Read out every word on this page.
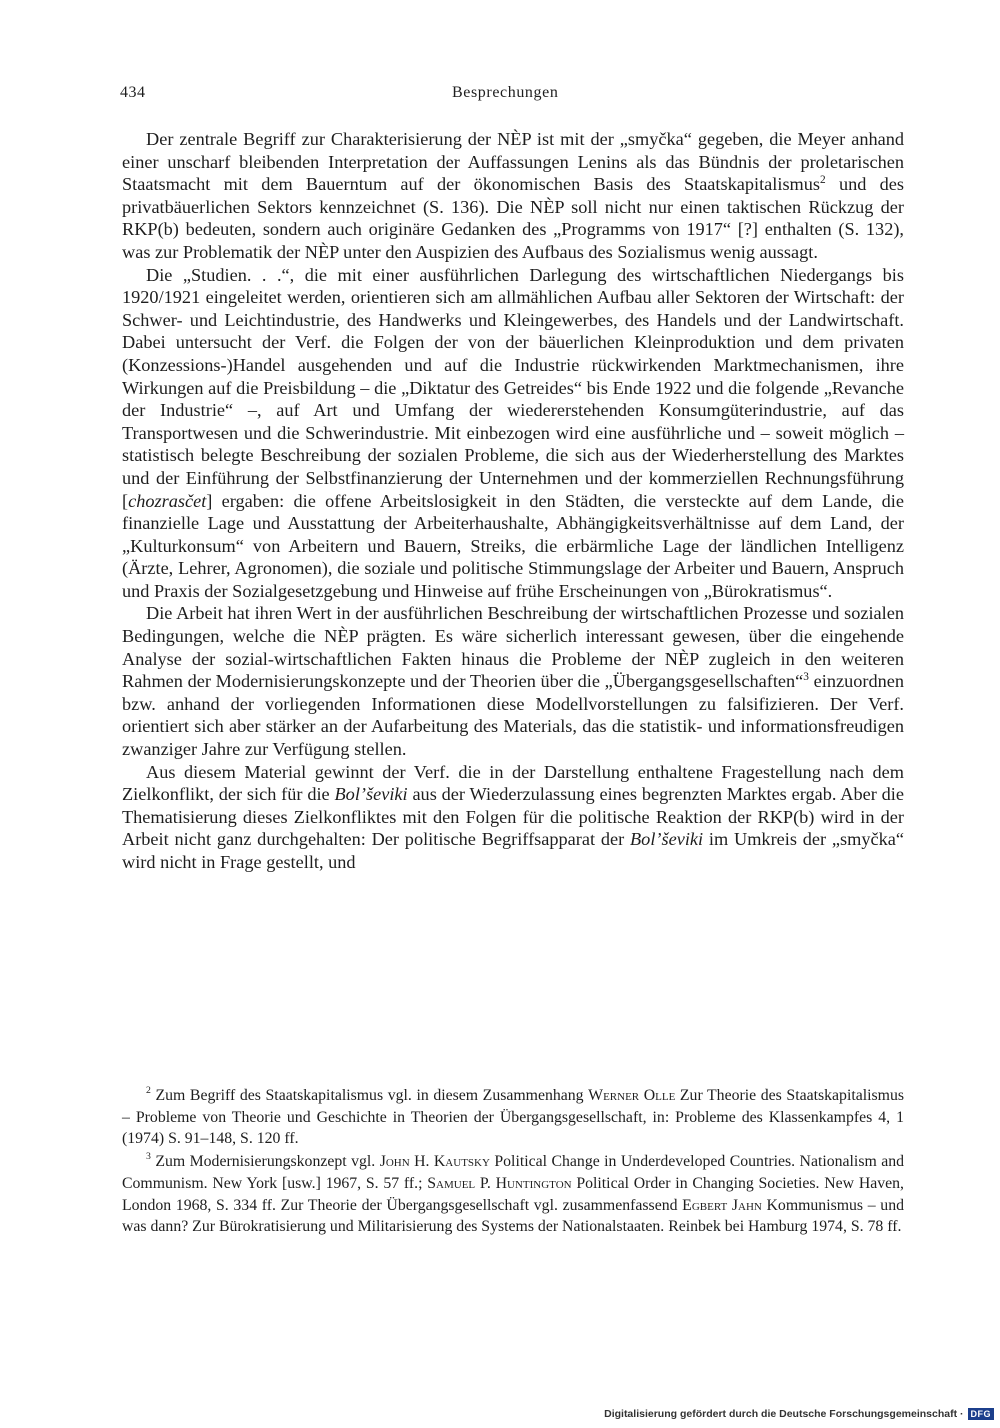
434	Besprechungen

Der zentrale Begriff zur Charakterisierung der NÈP ist mit der „smyčka“ gegeben, die Meyer anhand einer unscharf bleibenden Interpretation der Auffassungen Lenins als das Bündnis der proletarischen Staatsmacht mit dem Bauerntum auf der ökonomischen Basis des Staatskapitalismus$^2$ und des privatbäuerlichen Sektors kennzeichnet (S. 136). Die NÈP soll nicht nur einen taktischen Rückzug der RKP(b) bedeuten, sondern auch originäre Gedanken des „Programms von 1917“ [?] enthalten (S. 132), was zur Problematik der NÈP unter den Auspizien des Aufbaus des Sozialismus wenig aussagt.

Die „Studien. . .“, die mit einer ausführlichen Darlegung des wirtschaftlichen Niedergangs bis 1920/1921 eingeleitet werden, orientieren sich am allmählichen Aufbau aller Sektoren der Wirtschaft: der Schwer- und Leichtindustrie, des Handwerks und Kleingewerbes, des Handels und der Landwirtschaft. Dabei untersucht der Verf. die Folgen der von der bäuerlichen Kleinproduktion und dem privaten (Konzessions-)Handel ausgehenden und auf die Industrie rückwirkenden Marktmechanismen, ihre Wirkungen auf die Preisbildung – die „Diktatur des Getreides“ bis Ende 1922 und die folgende „Revanche der Industrie“ –, auf Art und Umfang der wiedererstehenden Konsumgüterindustrie, auf das Transportwesen und die Schwerindustrie. Mit einbezogen wird eine ausführliche und – soweit möglich – statistisch belegte Beschreibung der sozialen Probleme, die sich aus der Wiederherstellung des Marktes und der Einführung der Selbstfinanzierung der Unternehmen und der kommerziellen Rechnungsführung [chozrasčet] ergaben: die offene Arbeitslosigkeit in den Städten, die versteckte auf dem Lande, die finanzielle Lage und Ausstattung der Arbeiterhaushalte, Abhängigkeitsverhältnisse auf dem Land, der „Kulturkonsum“ von Arbeitern und Bauern, Streiks, die erbärmliche Lage der ländlichen Intelligenz (Ärzte, Lehrer, Agronomen), die soziale und politische Stimmungslage der Arbeiter und Bauern, Anspruch und Praxis der Sozialgesetzgebung und Hinweise auf frühe Erscheinungen von „Bürokratismus“.

Die Arbeit hat ihren Wert in der ausführlichen Beschreibung der wirtschaftlichen Prozesse und sozialen Bedingungen, welche die NÈP prägten. Es wäre sicherlich interessant gewesen, über die eingehende Analyse der sozial-wirtschaftlichen Fakten hinaus die Probleme der NÈP zugleich in den weiteren Rahmen der Modernisierungskonzepte und der Theorien über die „Übergangsgesellschaften“$^3$ einzuordnen bzw. anhand der vorliegenden Informationen diese Modellvorstellungen zu falsifizieren. Der Verf. orientiert sich aber stärker an der Aufarbeitung des Materials, das die statistik- und informationsfreudigen zwanziger Jahre zur Verfügung stellen.

Aus diesem Material gewinnt der Verf. die in der Darstellung enthaltene Fragestellung nach dem Zielkonflikt, der sich für die Bol’ševiki aus der Wiederzulassung eines begrenzten Marktes ergab. Aber die Thematisierung dieses Zielkonfliktes mit den Folgen für die politische Reaktion der RKP(b) wird in der Arbeit nicht ganz durchgehalten: Der politische Begriffsapparat der Bol’ševiki im Umkreis der „smyčka“ wird nicht in Frage gestellt, und

$^2$ Zum Begriff des Staatskapitalismus vgl. in diesem Zusammenhang Werner Olle Zur Theorie des Staatskapitalismus – Probleme von Theorie und Geschichte in Theorien der Übergangsgesellschaft, in: Probleme des Klassenkampfes 4, 1 (1974) S. 91–148, S. 120 ff.

$^3$ Zum Modernisierungskonzept vgl. John H. Kautsky Political Change in Underdeveloped Countries. Nationalism and Communism. New York [usw.] 1967, S. 57 ff.; Samuel P. Huntington Political Order in Changing Societies. New Haven, London 1968, S. 334 ff. Zur Theorie der Übergangsgesellschaft vgl. zusammenfassend Egbert Jahn Kommunismus – und was dann? Zur Bürokratisierung und Militarisierung des Systems der Nationalstaaten. Reinbek bei Hamburg 1974, S. 78 ff.

Digitalisierung gefördert durch die Deutsche Forschungsgemeinschaft · DFG
